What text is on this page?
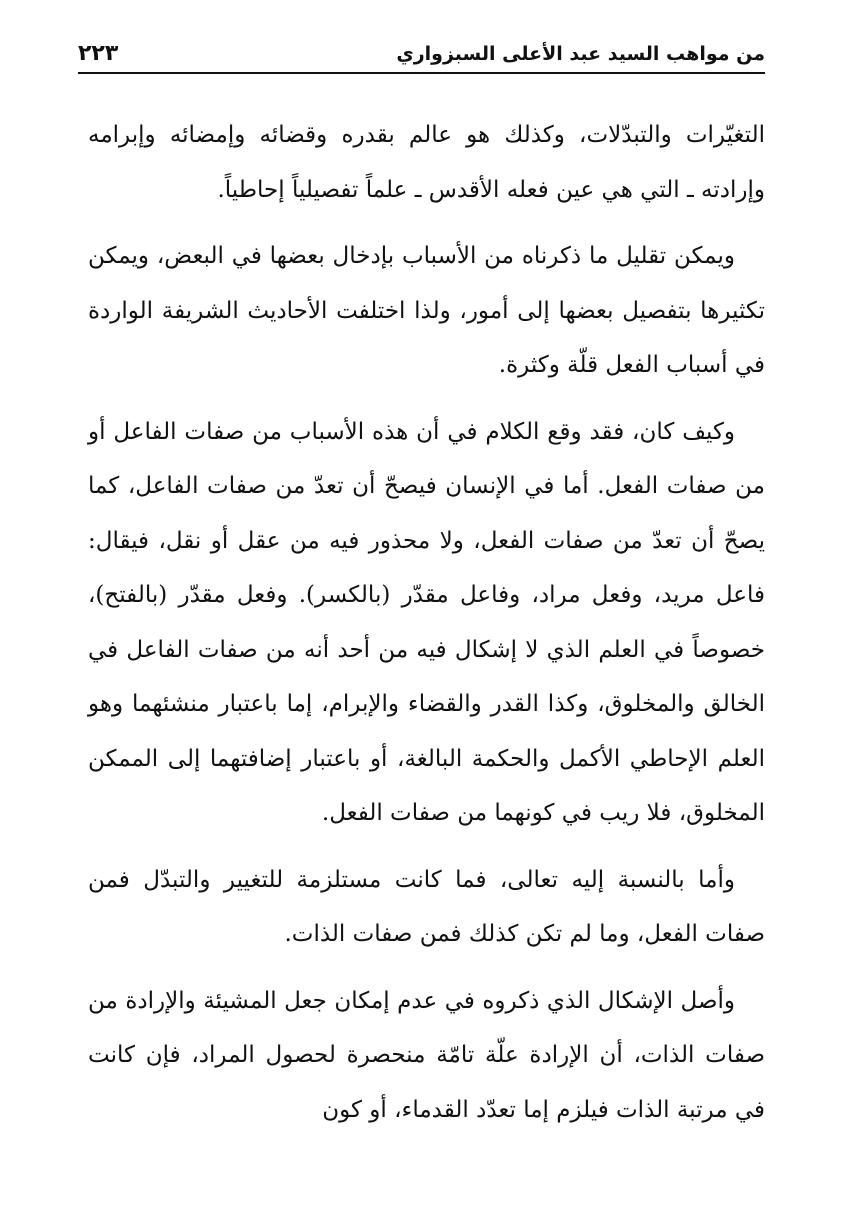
من مواهب السيد عبد الأعلى السبزواري
٢٢٣

التغيّرات والتبدّلات، وكذلك هو عالم بقدره وقضائه وإمضائه وإبرامه وإرادته ـ التي هي عين فعله الأقدس ـ علماً تفصيلياً إحاطياً.

ويمكن تقليل ما ذكرناه من الأسباب بإدخال بعضها في البعض، ويمكن تكثيرها بتفصيل بعضها إلى أمور، ولذا اختلفت الأحاديث الشريفة الواردة في أسباب الفعل قلّة وكثرة.

وكيف كان، فقد وقع الكلام في أن هذه الأسباب من صفات الفاعل أو من صفات الفعل. أما في الإنسان فيصحّ أن تعدّ من صفات الفاعل، كما يصحّ أن تعدّ من صفات الفعل، ولا محذور فيه من عقل أو نقل، فيقال: فاعل مريد، وفعل مراد، وفاعل مقدّر (بالكسر). وفعل مقدّر (بالفتح)، خصوصاً في العلم الذي لا إشكال فيه من أحد أنه من صفات الفاعل في الخالق والمخلوق، وكذا القدر والقضاء والإبرام، إما باعتبار منشئهما وهو العلم الإحاطي الأكمل والحكمة البالغة، أو باعتبار إضافتهما إلى الممكن المخلوق، فلا ريب في كونهما من صفات الفعل.

وأما بالنسبة إليه تعالى، فما كانت مستلزمة للتغيير والتبدّل فمن صفات الفعل، وما لم تكن كذلك فمن صفات الذات.

وأصل الإشكال الذي ذكروه في عدم إمكان جعل المشيئة والإرادة من صفات الذات، أن الإرادة علّة تامّة منحصرة لحصول المراد، فإن كانت في مرتبة الذات فيلزم إما تعدّد القدماء، أو كون
